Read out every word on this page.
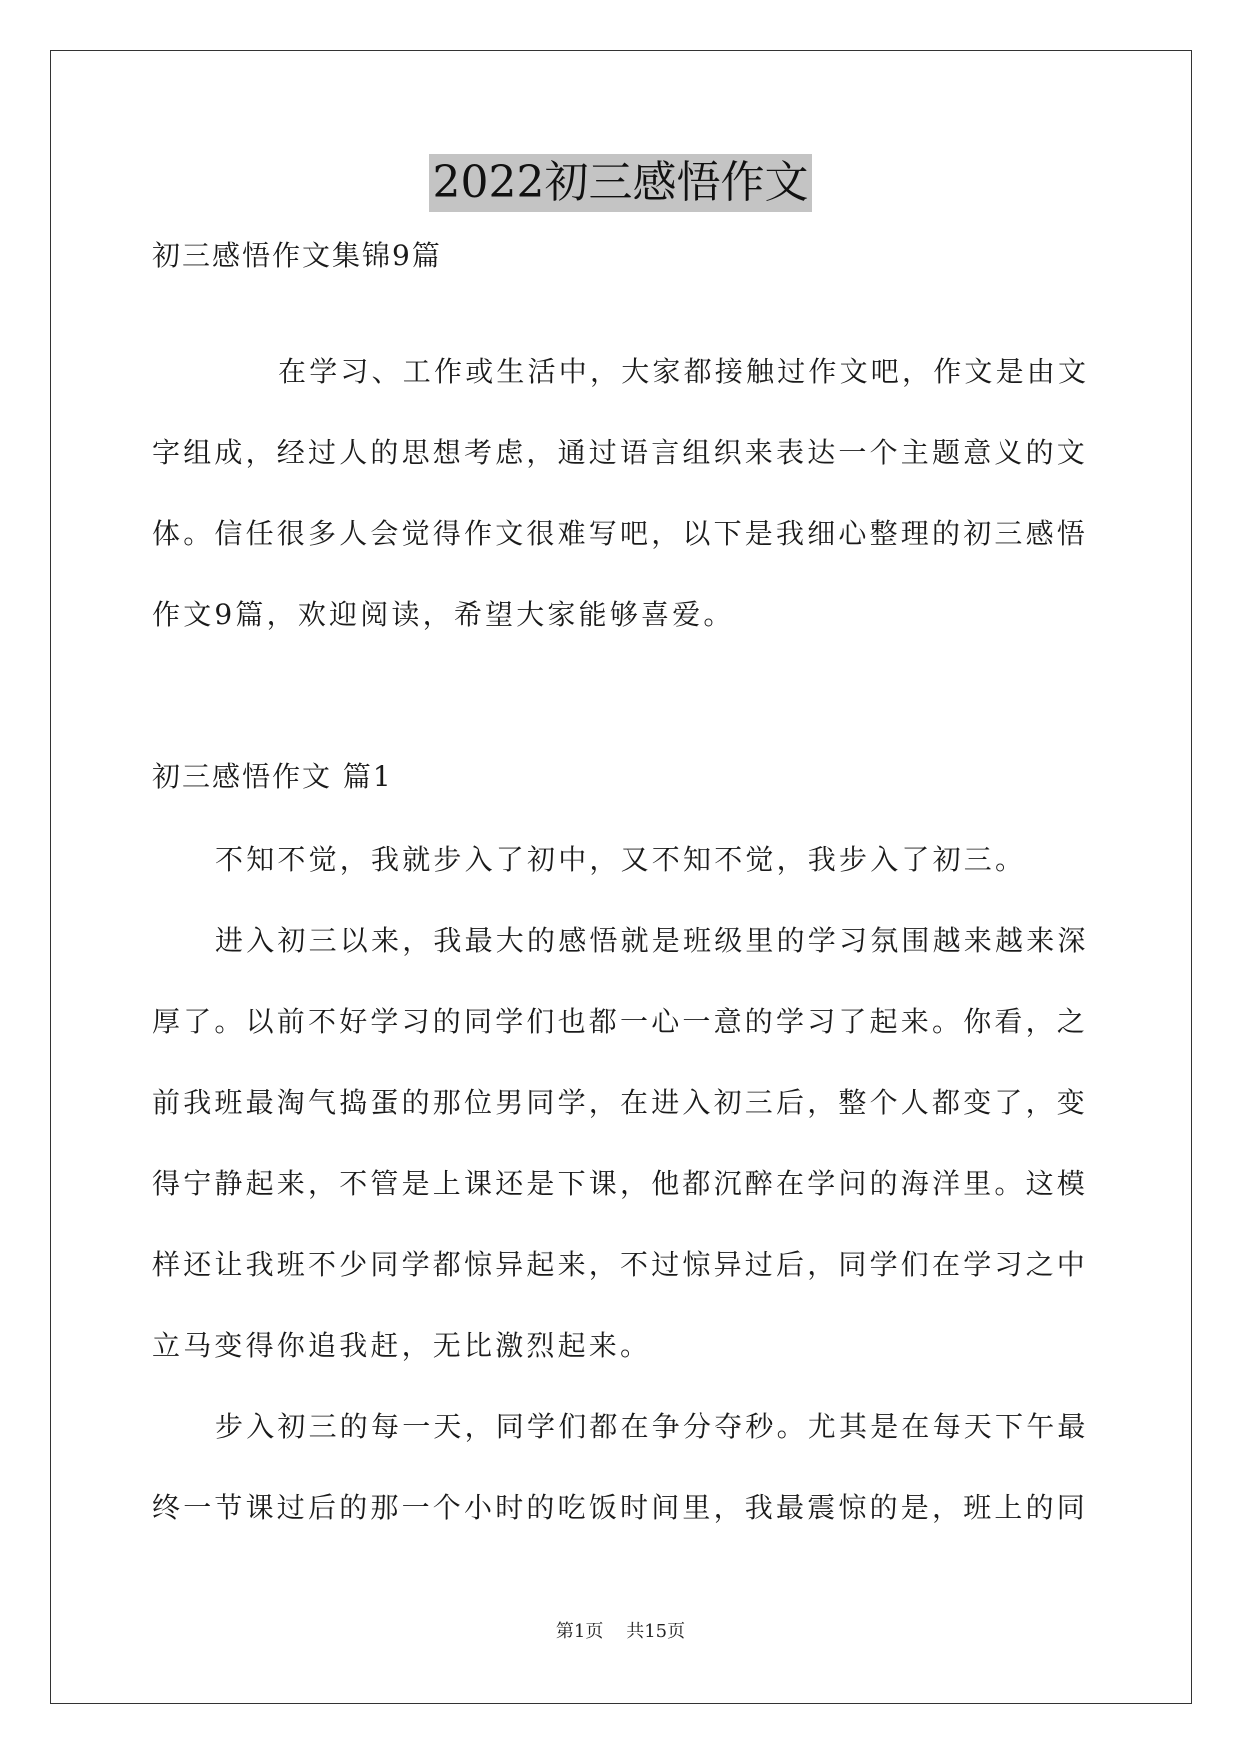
2022初三感悟作文
初三感悟作文集锦9篇

在学习、工作或生活中，大家都接触过作文吧，作文是由文
字组成，经过人的思想考虑，通过语言组织来表达一个主题意义的文
体。信任很多人会觉得作文很难写吧，以下是我细心整理的初三感悟
作文9篇，欢迎阅读，希望大家能够喜爱。

初三感悟作文 篇1

不知不觉，我就步入了初中，又不知不觉，我步入了初三。

进入初三以来，我最大的感悟就是班级里的学习氛围越来越来深
厚了。以前不好学习的同学们也都一心一意的学习了起来。你看，之
前我班最淘气捣蛋的那位男同学，在进入初三后，整个人都变了，变
得宁静起来，不管是上课还是下课，他都沉醉在学问的海洋里。这模
样还让我班不少同学都惊异起来，不过惊异过后，同学们在学习之中
立马变得你追我赶，无比激烈起来。

步入初三的每一天，同学们都在争分夺秒。尤其是在每天下午最
终一节课过后的那一个小时的吃饭时间里，我最震惊的是，班上的同

第1页    共15页
